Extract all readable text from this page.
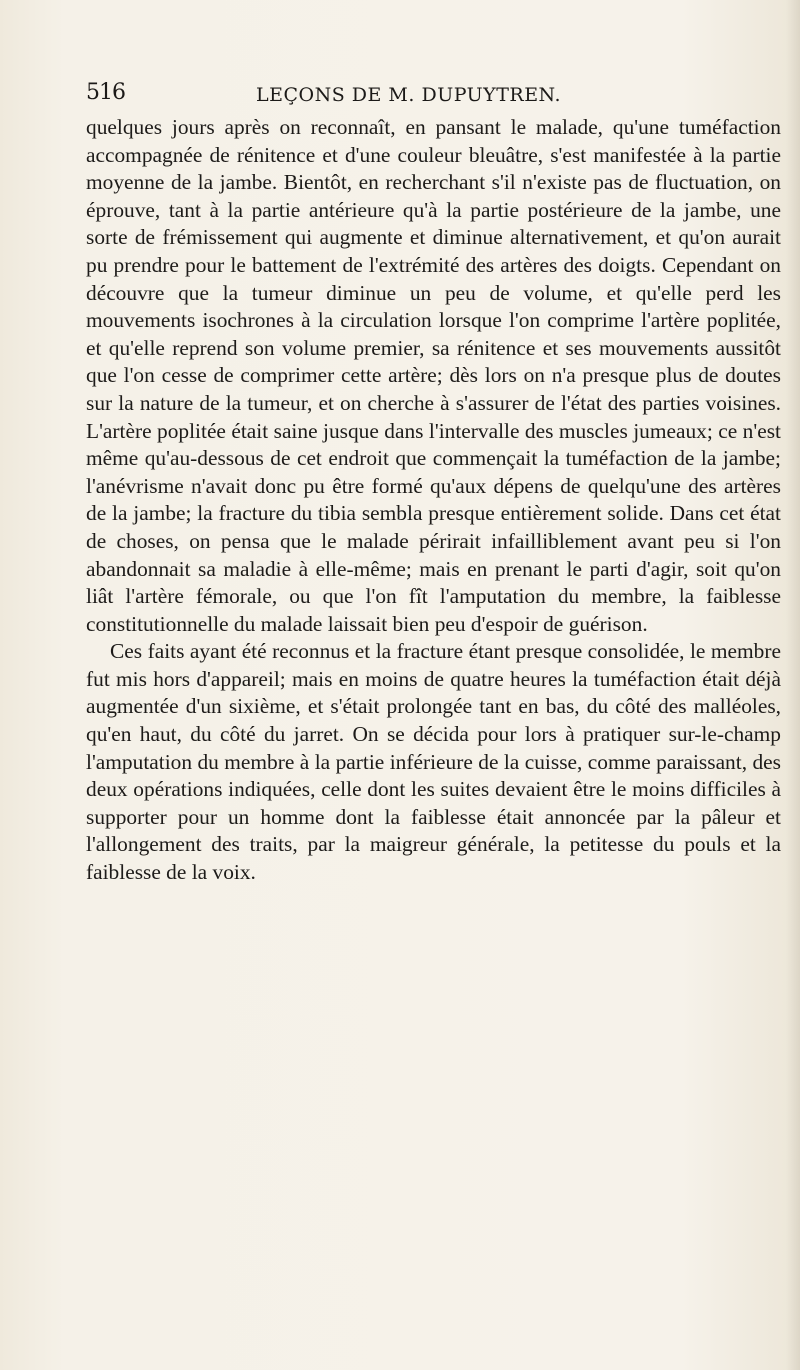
516	LEÇONS DE M. DUPUYTREN.

quelques jours après on reconnaît, en pansant le malade, qu'une tuméfaction accompagnée de rénitence et d'une couleur bleuâtre, s'est manifestée à la partie moyenne de la jambe. Bientôt, en recherchant s'il n'existe pas de fluctuation, on éprouve, tant à la partie antérieure qu'à la partie postérieure de la jambe, une sorte de frémissement qui augmente et diminue alternativement, et qu'on aurait pu prendre pour le battement de l'extrémité des artères des doigts. Cependant on découvre que la tumeur diminue un peu de volume, et qu'elle perd les mouvements isochrones à la circulation lorsque l'on comprime l'artère poplitée, et qu'elle reprend son volume premier, sa rénitence et ses mouvements aussitôt que l'on cesse de comprimer cette artère; dès lors on n'a presque plus de doutes sur la nature de la tumeur, et on cherche à s'assurer de l'état des parties voisines. L'artère poplitée était saine jusque dans l'intervalle des muscles jumeaux; ce n'est même qu'au-dessous de cet endroit que commençait la tuméfaction de la jambe; l'anévrisme n'avait donc pu être formé qu'aux dépens de quelqu'une des artères de la jambe; la fracture du tibia sembla presque entièrement solide. Dans cet état de choses, on pensa que le malade périrait infailliblement avant peu si l'on abandonnait sa maladie à elle-même; mais en prenant le parti d'agir, soit qu'on liât l'artère fémorale, ou que l'on fît l'amputation du membre, la faiblesse constitutionnelle du malade laissait bien peu d'espoir de guérison.

Ces faits ayant été reconnus et la fracture étant presque consolidée, le membre fut mis hors d'appareil; mais en moins de quatre heures la tuméfaction était déjà augmentée d'un sixième, et s'était prolongée tant en bas, du côté des malléoles, qu'en haut, du côté du jarret. On se décida pour lors à pratiquer sur-le-champ l'amputation du membre à la partie inférieure de la cuisse, comme paraissant, des deux opérations indiquées, celle dont les suites devaient être le moins difficiles à supporter pour un homme dont la faiblesse était annoncée par la pâleur et l'allongement des traits, par la maigreur générale, la petitesse du pouls et la faiblesse de la voix.
